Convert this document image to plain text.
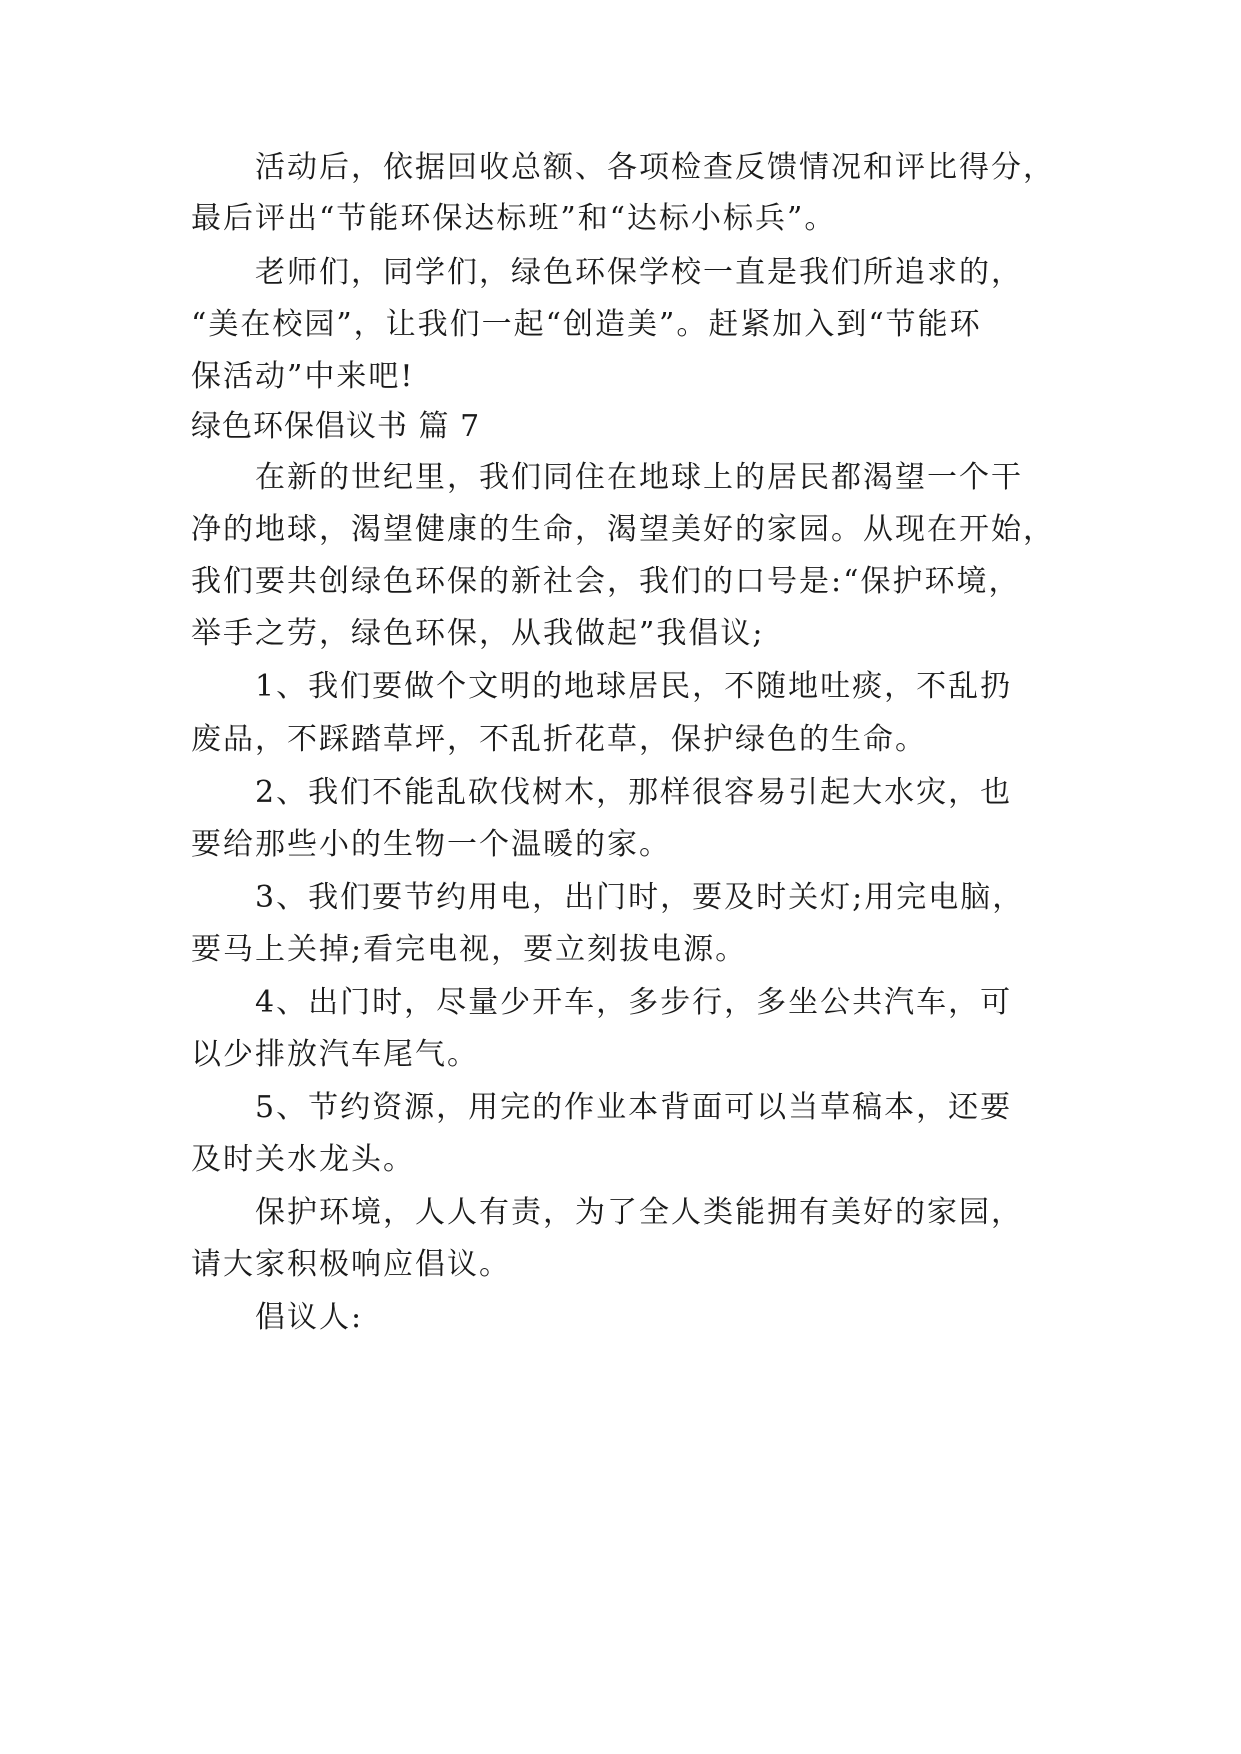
活动后，依据回收总额、各项检查反馈情况和评比得分，
最后评出“节能环保达标班”和“达标小标兵”。
老师们，同学们，绿色环保学校一直是我们所追求的，
“美在校园”，让我们一起“创造美”。赶紧加入到“节能环
保活动”中来吧!
绿色环保倡议书 篇 7
在新的世纪里，我们同住在地球上的居民都渴望一个干
净的地球，渴望健康的生命，渴望美好的家园。从现在开始，
我们要共创绿色环保的新社会，我们的口号是:“保护环境，
举手之劳，绿色环保，从我做起”我倡议;
1、我们要做个文明的地球居民，不随地吐痰，不乱扔
废品，不踩踏草坪，不乱折花草，保护绿色的生命。
2、我们不能乱砍伐树木，那样很容易引起大水灾，也
要给那些小的生物一个温暖的家。
3、我们要节约用电，出门时，要及时关灯;用完电脑，
要马上关掉;看完电视，要立刻拔电源。
4、出门时，尽量少开车，多步行，多坐公共汽车，可
以少排放汽车尾气。
5、节约资源，用完的作业本背面可以当草稿本，还要
及时关水龙头。
保护环境，人人有责，为了全人类能拥有美好的家园，
请大家积极响应倡议。
倡议人:
